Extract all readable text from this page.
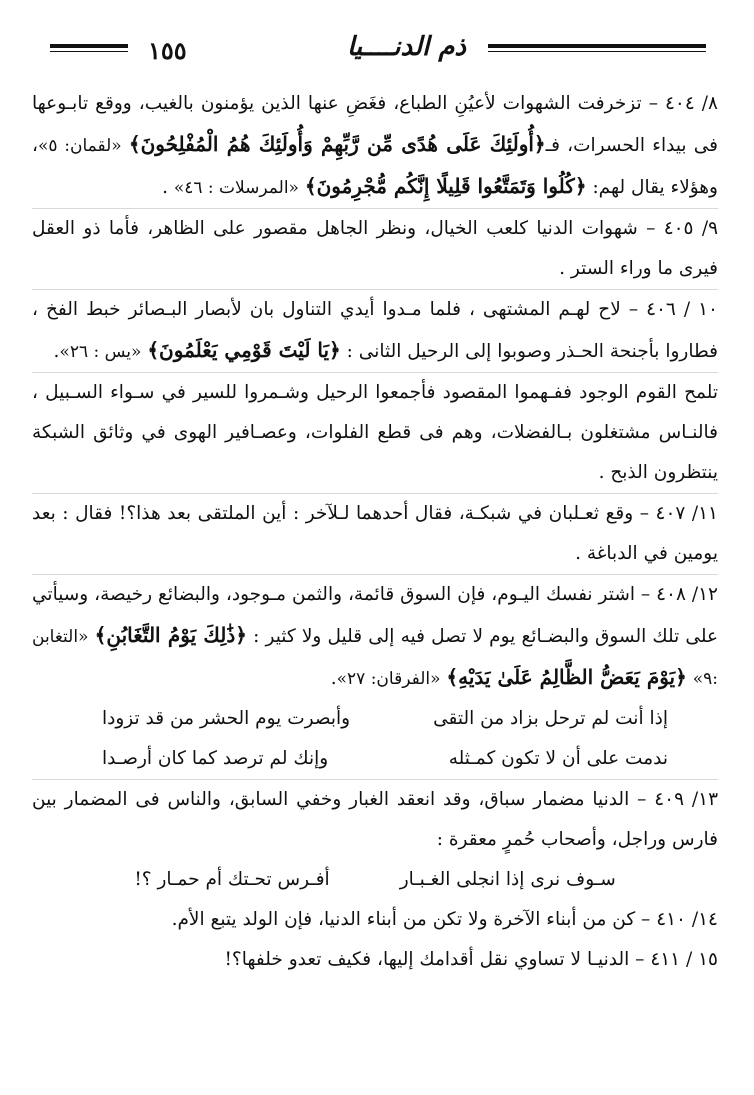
ذم الدنــــيا
١٥٥

٨/ ٤٠٤ – تزخرفت الشهوات لأعيُنِ الطباع، فغَضِ عنها الذين يؤمنون بالغيب، ووقع تابـوعها فى بيداء الحسرات، فـ﴿أُولَئِكَ عَلَى هُدًى مِّن رَّبِّهِمْ وَأُولَئِكَ هُمُ الْمُفْلِحُونَ﴾ «لقمان: ٥»، وهؤلاء يقال لهم: ﴿كُلُوا وَتَمَتَّعُوا قَلِيلًا إِنَّكُم مُّجْرِمُونَ﴾ «المرسلات : ٤٦» .

٩/ ٤٠٥ – شهوات الدنيا كلعب الخيال، ونظر الجاهل مقصور على الظاهر، فأما ذو العقل فيرى ما وراء الستر .

١٠ / ٤٠٦ – لاح لهـم المشتهى ، فلما مـدوا أيدي التناول بان لأبصار البـصائر خبط الفخ ، فطاروا بأجنحة الحـذر وصوبوا إلى الرحيل الثانى : ﴿يَا لَيْتَ قَوْمِي يَعْلَمُونَ﴾ «يس : ٢٦».

تلمح القوم الوجود ففـهموا المقصود فأجمعوا الرحيل وشـمروا للسير في سـواء السـبيل ، فالنـاس مشتغلون بـالفضلات، وهم فى قطع الفلوات، وعصـافير الهوى في وثائق الشبكة ينتظرون الذبح .

١١/ ٤٠٧ – وقع ثعـلبان في شبكـة، فقال أحدهما لـلآخر : أين الملتقى بعد هذا؟! فقال : بعد يومين في الدباغة .

١٢/ ٤٠٨ – اشتر نفسك اليـوم، فإن السوق قائمة، والثمن مـوجود، والبضائع رخيصة، وسيأتي على تلك السوق والبضـائع يوم لا تصل فيه إلى قليل ولا كثير : ﴿ذَٰلِكَ يَوْمُ التَّغَابُنِ﴾ «التغابن :٩» ﴿يَوْمَ يَعَضُّ الظَّالِمُ عَلَىٰ يَدَيْهِ﴾ «الفرقان: ٢٧».

إذا أنت لم ترحل بزاد من التقى
وأبصرت يوم الحشر من قد تزودا
ندمت على أن لا تكون كمـثله
وإنك لم ترصد كما كان أرصـدا

١٣/ ٤٠٩ – الدنيا مضمار سباق، وقد انعقد الغبار وخفي السابق، والناس فى المضمار بين فارس وراجل، وأصحاب حُمرٍ معقرة :

سـوف نرى إذا انجلى الغـبـار
أفـرس تحـتك أم حمـار ؟!

١٤/ ٤١٠ – كن من أبناء الآخرة ولا تكن من أبناء الدنيا، فإن الولد يتبع الأم.

١٥ / ٤١١ – الدنيـا لا تساوي نقل أقدامك إليها، فكيف تعدو خلفها؟!
